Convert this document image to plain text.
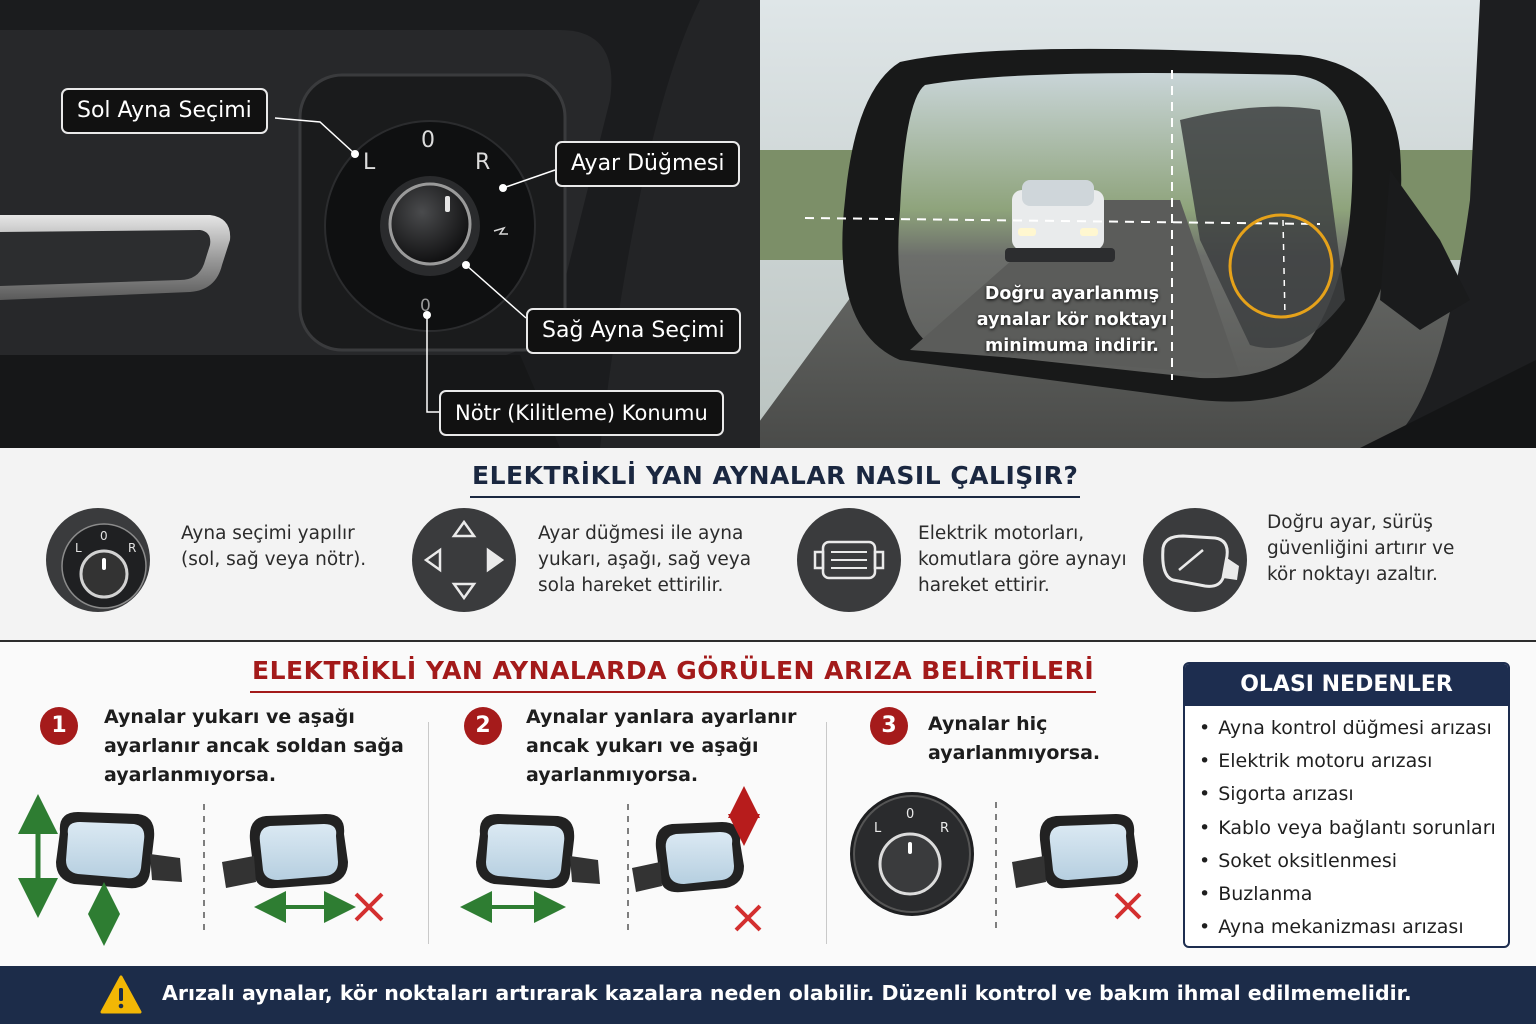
L
0
R
0
Sol Ayna Seçimi
Ayar Düğmesi
Sağ Ayna Seçimi
Nötr (Kilitleme) Konumu
Doğru ayarlanmış aynalar kör noktayı minimuma indirir.
ELEKTRİKLİ YAN AYNALAR NASIL ÇALIŞIR?
L
0
R
Ayna seçimi yapılır
(sol, sağ veya nötr).
Ayar düğmesi ile ayna
yukarı, aşağı, sağ veya
sola hareket ettirilir.
Elektrik motorları,
komutlara göre aynayı
hareket ettirir.
Doğru ayar, sürüş
güvenliğini artırır ve
kör noktayı azaltır.
ELEKTRİKLİ YAN AYNALARDA GÖRÜLEN ARIZA BELİRTİLERİ
1	Aynalar yukarı ve aşağı
ayarlanır ancak soldan sağa
ayarlanmıyorsa.
2	Aynalar yanlara ayarlanır
ancak yukarı ve aşağı
ayarlanmıyorsa.
3	Aynalar hiç
ayarlanmıyorsa.
L
0
R
OLASI NEDENLER
• Ayna kontrol düğmesi arızası
• Elektrik motoru arızası
• Sigorta arızası
• Kablo veya bağlantı sorunları
• Soket oksitlenmesi
• Buzlanma
• Ayna mekanizması arızası
Arızalı aynalar, kör noktaları artırarak kazalara neden olabilir. Düzenli kontrol ve bakım ihmal edilmemelidir.
